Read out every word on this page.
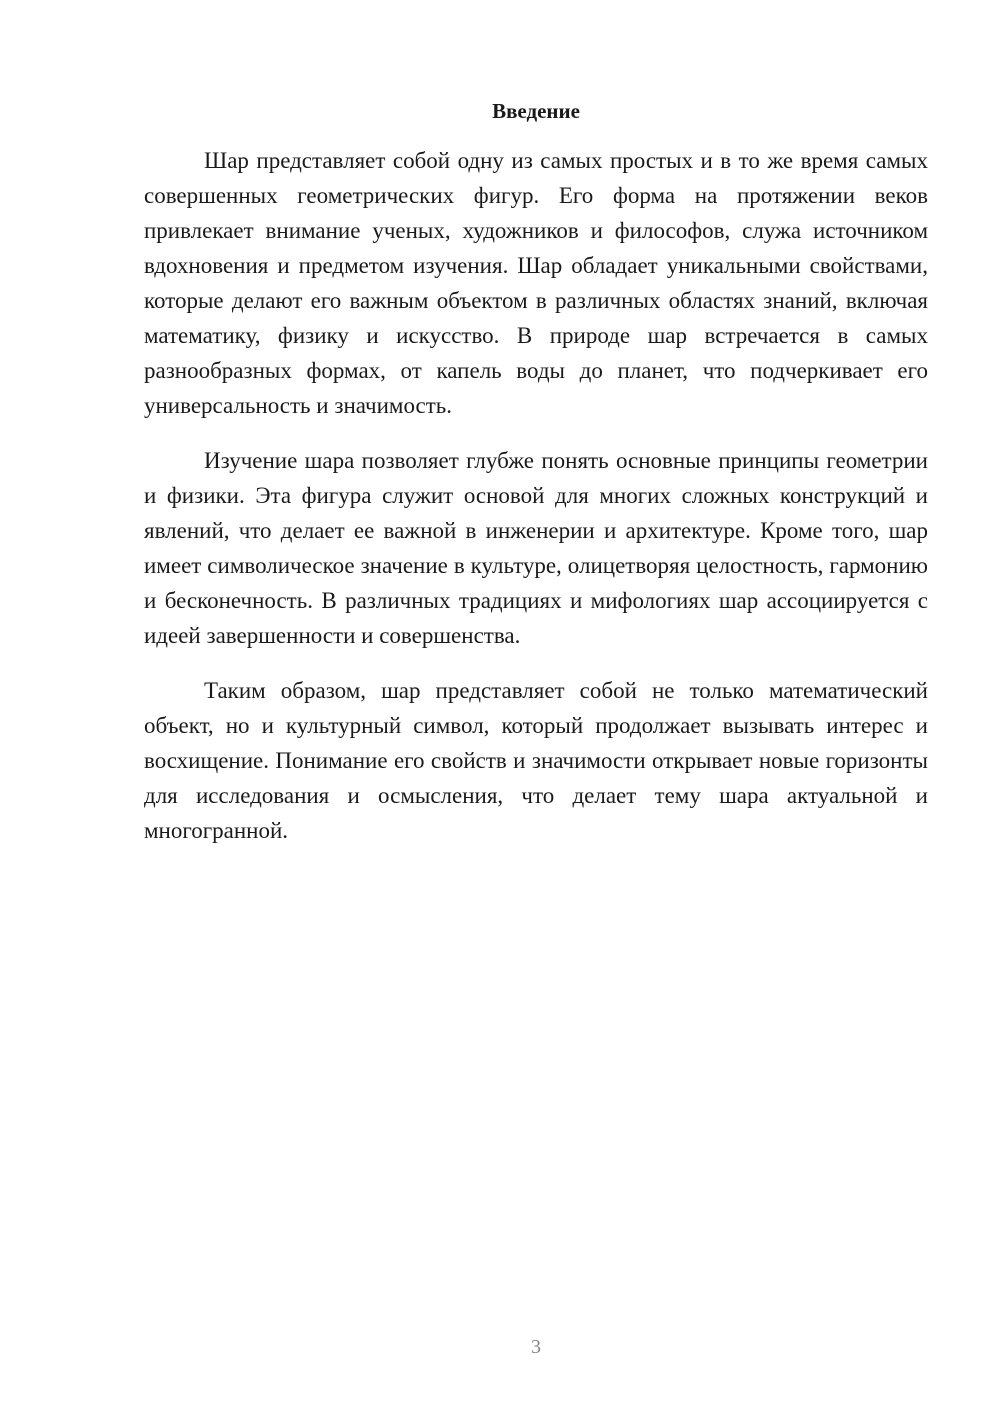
Введение

Шар представляет собой одну из самых простых и в то же время самых совершенных геометрических фигур. Его форма на протяжении веков привлекает внимание ученых, художников и философов, служа источником вдохновения и предметом изучения. Шар обладает уникальными свойствами, которые делают его важным объектом в различных областях знаний, включая математику, физику и искусство. В природе шар встречается в самых разнообразных формах, от капель воды до планет, что подчеркивает его универсальность и значимость.

Изучение шара позволяет глубже понять основные принципы геометрии и физики. Эта фигура служит основой для многих сложных конструкций и явлений, что делает ее важной в инженерии и архитектуре. Кроме того, шар имеет символическое значение в культуре, олицетворяя целостность, гармонию и бесконечность. В различных традициях и мифологиях шар ассоциируется с идеей завершенности и совершенства.

Таким образом, шар представляет собой не только математический объект, но и культурный символ, который продолжает вызывать интерес и восхищение. Понимание его свойств и значимости открывает новые горизонты для исследования и осмысления, что делает тему шара актуальной и многогранной.

3
